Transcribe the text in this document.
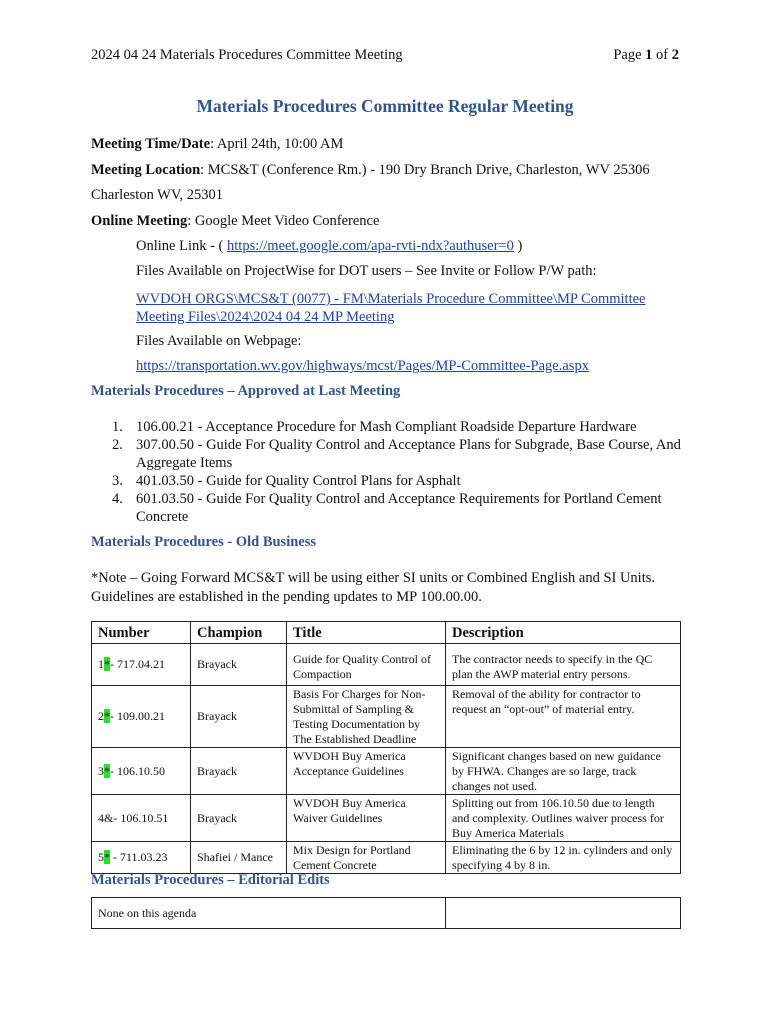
2024 04 24 Materials Procedures Committee Meeting	Page 1 of 2
Materials Procedures Committee Regular Meeting
Meeting Time/Date: April 24th, 10:00 AM
Meeting Location: MCS&T (Conference Rm.) - 190 Dry Branch Drive, Charleston, WV 25306
Charleston WV, 25301
Online Meeting: Google Meet Video Conference
Online Link - ( https://meet.google.com/apa-rvti-ndx?authuser=0 )
Files Available on ProjectWise for DOT users – See Invite or Follow P/W path:
WVDOH ORGS\MCS&T (0077) - FM\Materials Procedure Committee\MP Committee
Meeting Files\2024\2024 04 24 MP Meeting
Files Available on Webpage:
https://transportation.wv.gov/highways/mcst/Pages/MP-Committee-Page.aspx
Materials Procedures – Approved at Last Meeting
1. 106.00.21 - Acceptance Procedure for Mash Compliant Roadside Departure Hardware
2. 307.00.50 - Guide For Quality Control and Acceptance Plans for Subgrade, Base Course, And Aggregate Items
3. 401.03.50 - Guide for Quality Control Plans for Asphalt
4. 601.03.50 - Guide For Quality Control and Acceptance Requirements for Portland Cement Concrete
Materials Procedures - Old Business
*Note – Going Forward MCS&T will be using either SI units or Combined English and SI Units. Guidelines are established in the pending updates to MP 100.00.00.
Number	Champion	Title	Description
1*- 717.04.21	Brayack	Guide for Quality Control of Compaction	The contractor needs to specify in the QC plan the AWP material entry persons.
2*- 109.00.21	Brayack	Basis For Charges for Non-Submittal of Sampling & Testing Documentation by The Established Deadline	Removal of the ability for contractor to request an “opt-out” of material entry.
3*- 106.10.50	Brayack	WVDOH Buy America Acceptance Guidelines	Significant changes based on new guidance by FHWA. Changes are so large, track changes not used.
4&- 106.10.51	Brayack	WVDOH Buy America Waiver Guidelines	Splitting out from 106.10.50 due to length and complexity. Outlines waiver process for Buy America Materials
5* - 711.03.23	Shafiei / Mance	Mix Design for Portland Cement Concrete	Eliminating the 6 by 12 in. cylinders and only specifying 4 by 8 in.
Materials Procedures – Editorial Edits
None on this agenda	
